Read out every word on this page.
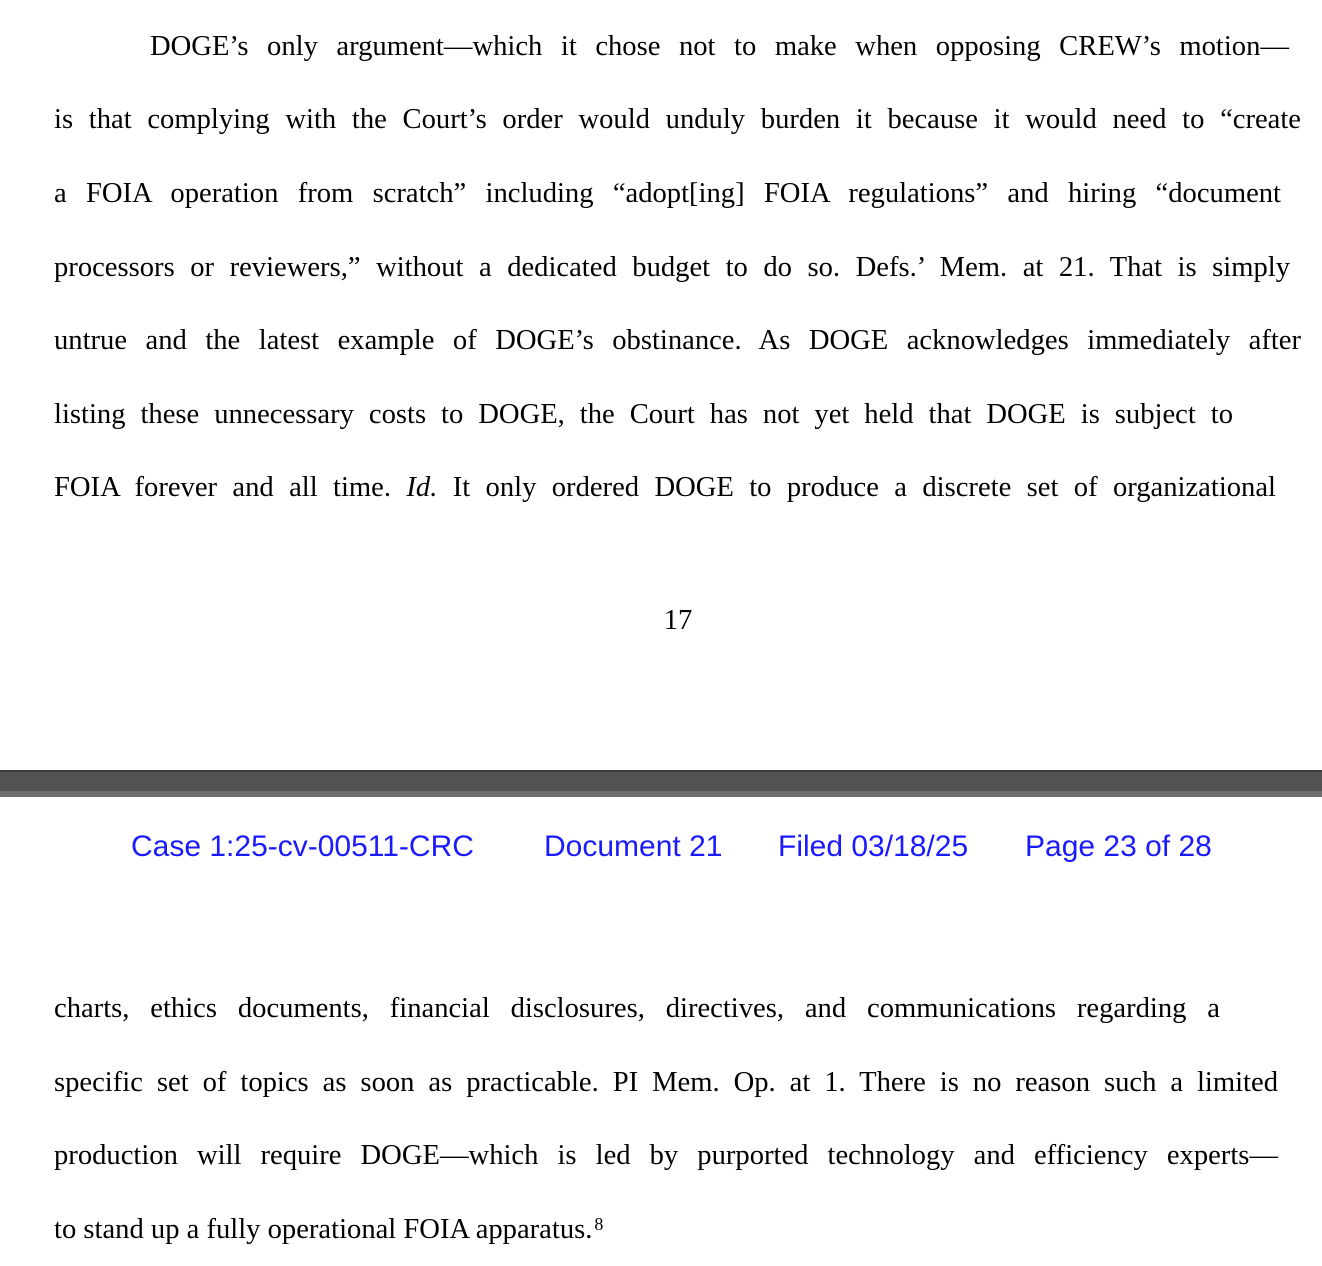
DOGE’s only argument—which it chose not to make when opposing CREW’s motion—
is that complying with the Court’s order would unduly burden it because it would need to “create
a FOIA operation from scratch” including “adopt[ing] FOIA regulations” and hiring “document
processors or reviewers,” without a dedicated budget to do so. Defs.’ Mem. at 21. That is simply
untrue and the latest example of DOGE’s obstinance. As DOGE acknowledges immediately after
listing these unnecessary costs to DOGE, the Court has not yet held that DOGE is subject to
FOIA forever and all time. Id. It only ordered DOGE to produce a discrete set of organizational
17
Case 1:25-cv-00511-CRC Document 21 Filed 03/18/25 Page 23 of 28
charts, ethics documents, financial disclosures, directives, and communications regarding a
specific set of topics as soon as practicable. PI Mem. Op. at 1. There is no reason such a limited
production will require DOGE—which is led by purported technology and efficiency experts—
to stand up a fully operational FOIA apparatus. $^8$
